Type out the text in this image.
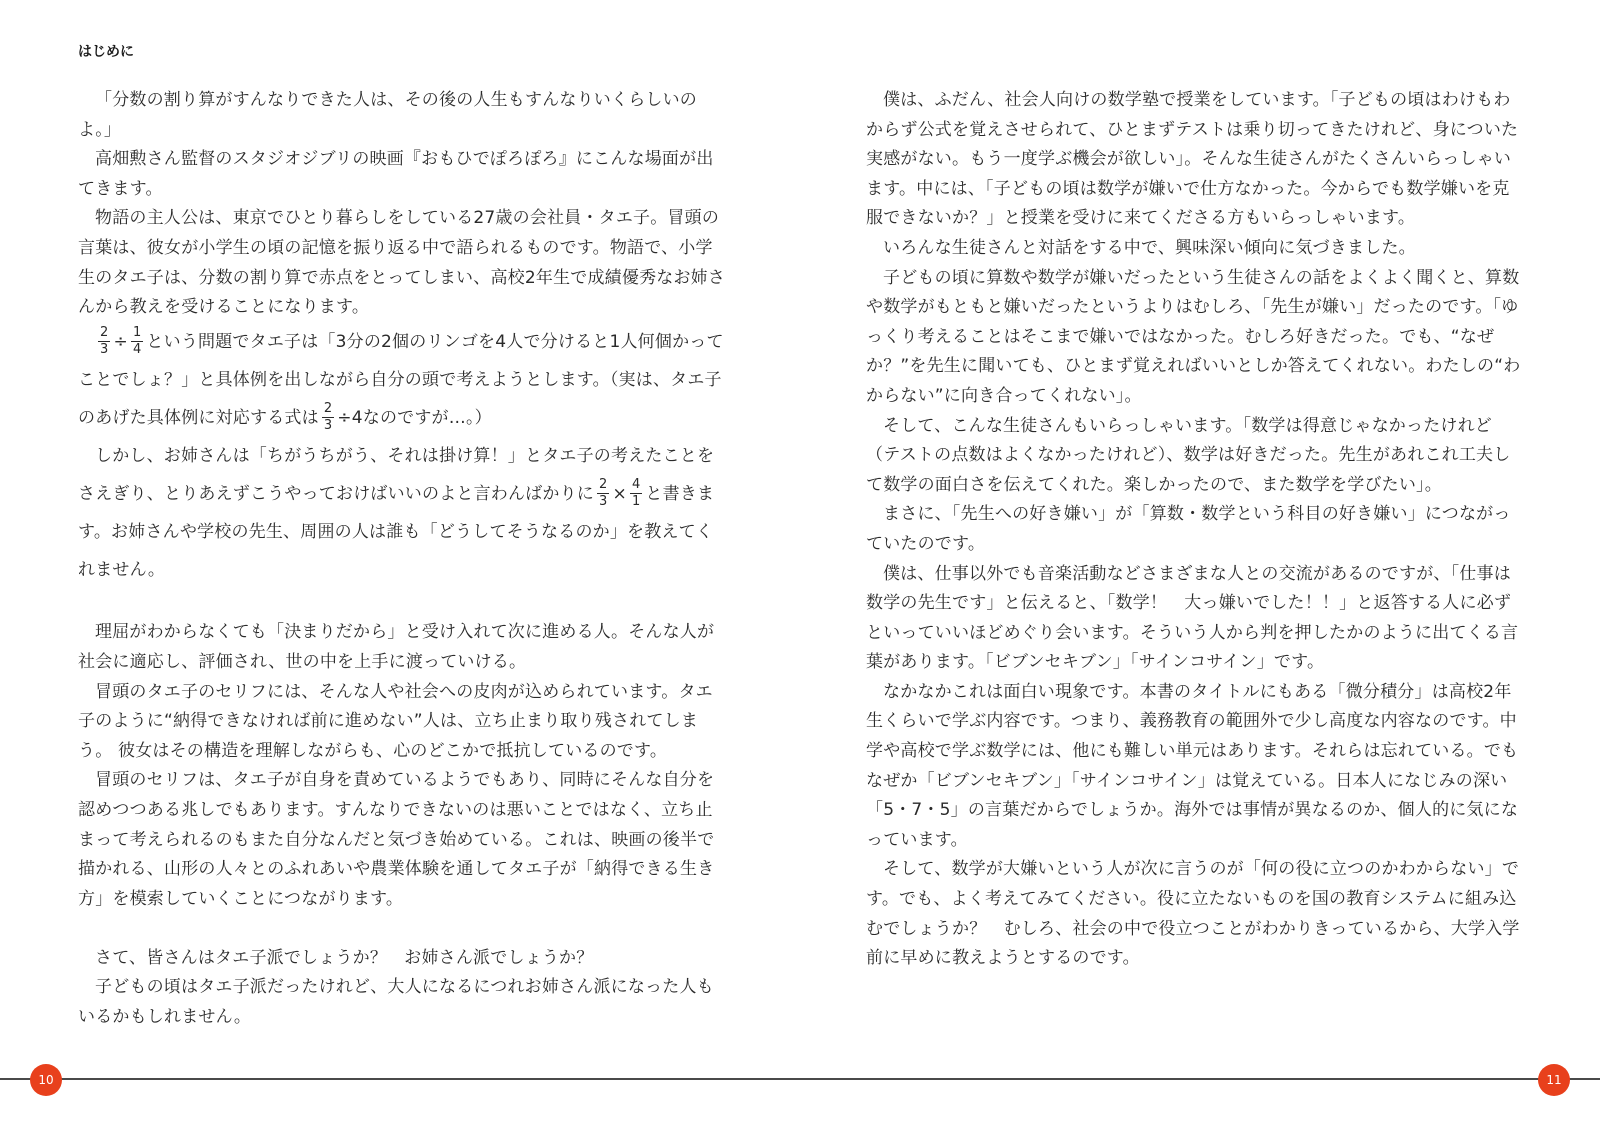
はじめに

「分数の割り算がすんなりできた人は、その後の人生もすんなりいくらしいのよ。」

高畑勲さん監督のスタジオジブリの映画『おもひでぽろぽろ』にこんな場面が出てきます。

物語の主人公は、東京でひとり暮らしをしている27歳の会社員・タエ子。冒頭の言葉は、彼女が小学生の頃の記憶を振り返る中で語られるものです。物語で、小学生のタエ子は、分数の割り算で赤点をとってしまい、高校2年生で成績優秀なお姉さんから教えを受けることになります。

$\frac{2}{3} \div \frac{1}{4}$ という問題でタエ子は「3分の2個のリンゴを4人で分けると1人何個かってことでしょ？」と具体例を出しながら自分の頭で考えようとします。（実は、タエ子のあげた具体例に対応する式は $\frac{2}{3} \div 4$なのですが…。）

しかし、お姉さんは「ちがうちがう、それは掛け算！」とタエ子の考えたことをさえぎり、とりあえずこうやっておけばいいのよと言わんばかりに $\frac{2}{3} \times \frac{4}{1}$ と書きます。お姉さんや学校の先生、周囲の人は誰も「どうしてそうなるのか」を教えてくれません。

理屈がわからなくても「決まりだから」と受け入れて次に進める人。そんな人が社会に適応し、評価され、世の中を上手に渡っていける。

冒頭のタエ子のセリフには、そんな人や社会への皮肉が込められています。タエ子のように“納得できなければ前に進めない”人は、立ち止まり取り残されてしまう。 彼女はその構造を理解しながらも、心のどこかで抵抗しているのです。

冒頭のセリフは、タエ子が自身を責めているようでもあり、同時にそんな自分を認めつつある兆しでもあります。すんなりできないのは悪いことではなく、立ち止まって考えられるのもまた自分なんだと気づき始めている。これは、映画の後半で描かれる、山形の人々とのふれあいや農業体験を通してタエ子が「納得できる生き方」を模索していくことにつながります。

さて、皆さんはタエ子派でしょうか？　お姉さん派でしょうか？

子どもの頃はタエ子派だったけれど、大人になるにつれお姉さん派になった人もいるかもしれません。

10

僕は、ふだん、社会人向けの数学塾で授業をしています。「子どもの頃はわけもわからず公式を覚えさせられて、ひとまずテストは乗り切ってきたけれど、身についた実感がない。もう一度学ぶ機会が欲しい」。そんな生徒さんがたくさんいらっしゃいます。中には、「子どもの頃は数学が嫌いで仕方なかった。今からでも数学嫌いを克服できないか？」と授業を受けに来てくださる方もいらっしゃいます。

いろんな生徒さんと対話をする中で、興味深い傾向に気づきました。

子どもの頃に算数や数学が嫌いだったという生徒さんの話をよくよく聞くと、算数や数学がもともと嫌いだったというよりはむしろ、「先生が嫌い」だったのです。「ゆっくり考えることはそこまで嫌いではなかった。むしろ好きだった。でも、“なぜか？”を先生に聞いても、ひとまず覚えればいいとしか答えてくれない。わたしの“わからない”に向き合ってくれない」。

そして、こんな生徒さんもいらっしゃいます。「数学は得意じゃなかったけれど（テストの点数はよくなかったけれど）、数学は好きだった。先生があれこれ工夫して数学の面白さを伝えてくれた。楽しかったので、また数学を学びたい」。

まさに、「先生への好き嫌い」が「算数・数学という科目の好き嫌い」につながっていたのです。

僕は、仕事以外でも音楽活動などさまざまな人との交流があるのですが、「仕事は数学の先生です」と伝えると、「数学！　大っ嫌いでした！！」と返答する人に必ずといっていいほどめぐり会います。そういう人から判を押したかのように出てくる言葉があります。「ビブンセキブン」「サインコサイン」です。

なかなかこれは面白い現象です。本書のタイトルにもある「微分積分」は高校2年生くらいで学ぶ内容です。つまり、義務教育の範囲外で少し高度な内容なのです。中学や高校で学ぶ数学には、他にも難しい単元はあります。それらは忘れている。でもなぜか「ビブンセキブン」「サインコサイン」は覚えている。日本人になじみの深い「5・7・5」の言葉だからでしょうか。海外では事情が異なるのか、個人的に気になっています。

そして、数学が大嫌いという人が次に言うのが「何の役に立つのかわからない」です。でも、よく考えてみてください。役に立たないものを国の教育システムに組み込むでしょうか？　むしろ、社会の中で役立つことがわかりきっているから、大学入学前に早めに教えようとするのです。

11
